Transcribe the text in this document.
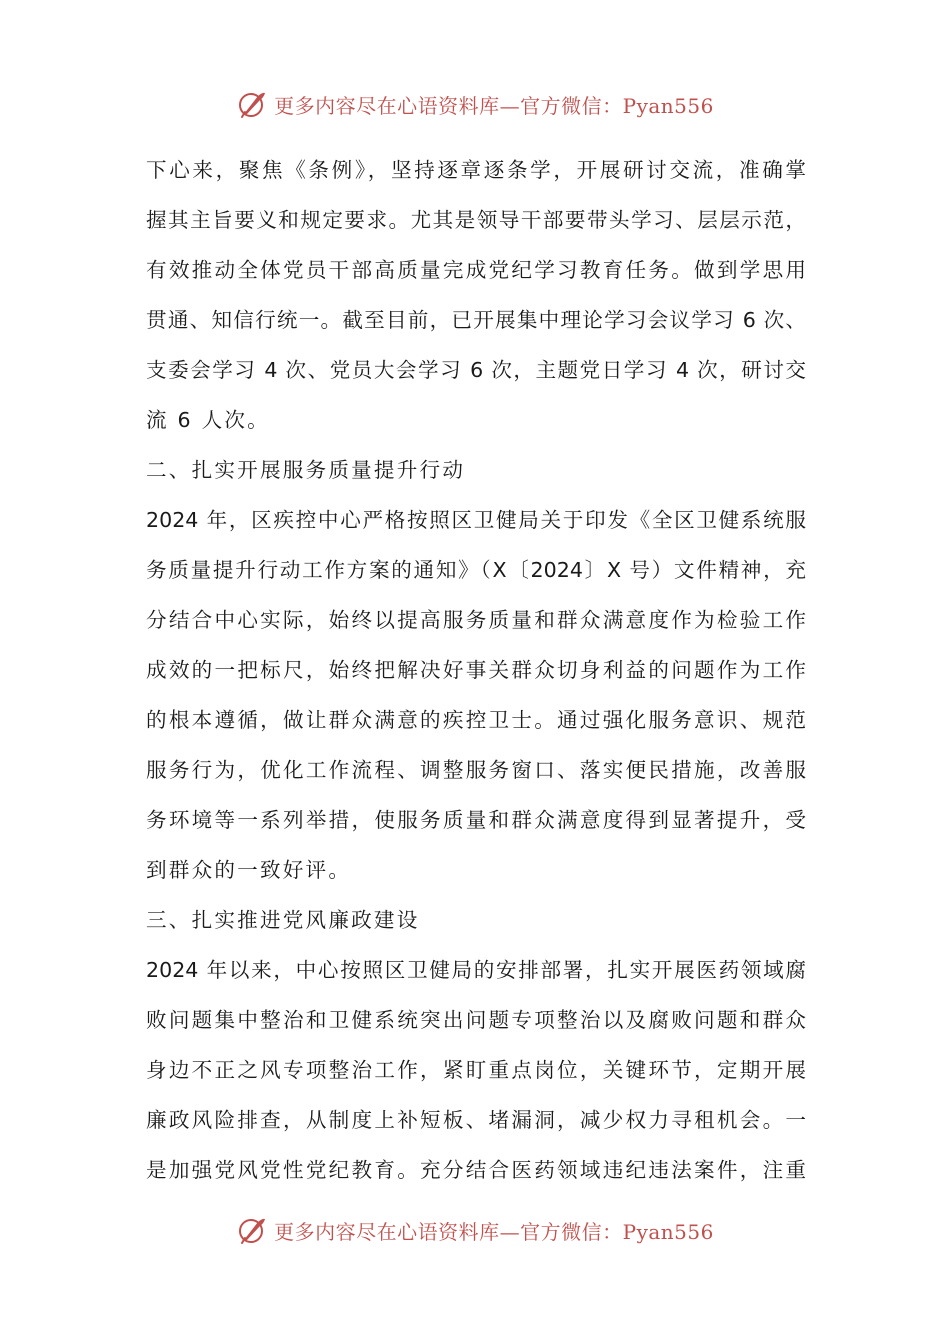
更多内容尽在心语资料库—官方微信：Pyan556
下心来，聚焦《条例》，坚持逐章逐条学，开展研讨交流，准确掌
握其主旨要义和规定要求。尤其是领导干部要带头学习、层层示范，
有效推动全体党员干部高质量完成党纪学习教育任务。做到学思用
贯通、知信行统一。截至目前，已开展集中理论学习会议学习 6 次、
支委会学习 4 次、党员大会学习 6 次，主题党日学习 4 次，研讨交
流 6 人次。
二、扎实开展服务质量提升行动
2024 年，区疾控中心严格按照区卫健局关于印发《全区卫健系统服
务质量提升行动工作方案的通知》（X〔2024〕X 号）文件精神，充
分结合中心实际，始终以提高服务质量和群众满意度作为检验工作
成效的一把标尺，始终把解决好事关群众切身利益的问题作为工作
的根本遵循，做让群众满意的疾控卫士。通过强化服务意识、规范
服务行为，优化工作流程、调整服务窗口、落实便民措施，改善服
务环境等一系列举措，使服务质量和群众满意度得到显著提升，受
到群众的一致好评。
三、扎实推进党风廉政建设
2024 年以来，中心按照区卫健局的安排部署，扎实开展医药领域腐
败问题集中整治和卫健系统突出问题专项整治以及腐败问题和群众
身边不正之风专项整治工作，紧盯重点岗位，关键环节，定期开展
廉政风险排查，从制度上补短板、堵漏洞，减少权力寻租机会。一
是加强党风党性党纪教育。充分结合医药领域违纪违法案件，注重
更多内容尽在心语资料库—官方微信：Pyan556
